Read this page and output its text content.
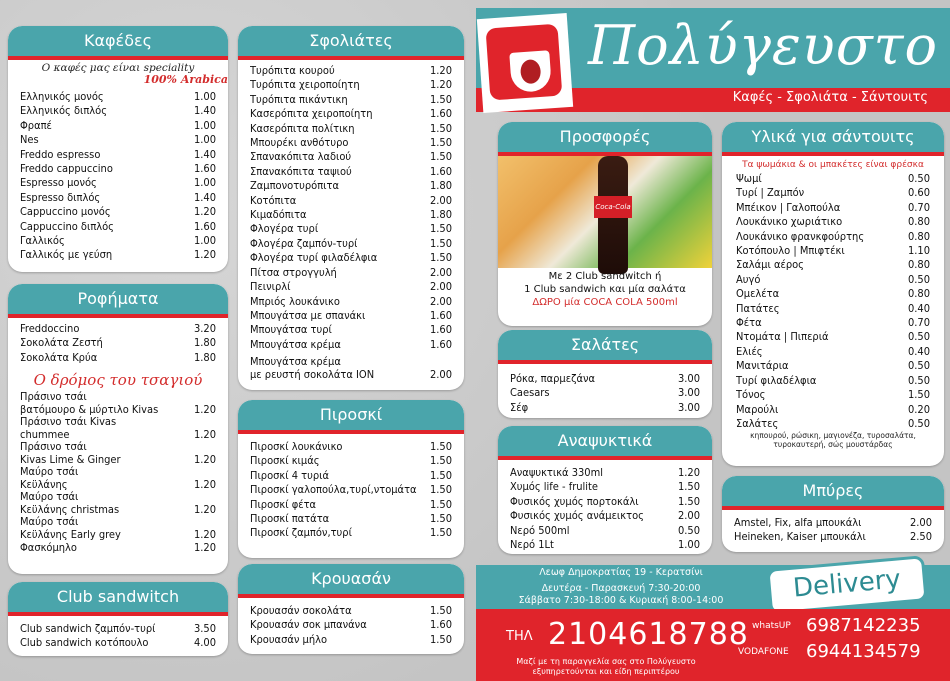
Καφέδες
Ο καφές μας είναι speciality
100% Arabica
Ελληνικός μονός	1.00
Ελληνικός διπλός	1.40
Φραπέ	1.00
Nes	1.00
Freddo espresso	1.40
Freddo cappuccino	1.60
Espresso μονός	1.00
Espresso διπλός	1.40
Cappuccino μονός	1.20
Cappuccino διπλός	1.60
Γαλλικός	1.00
Γαλλικός με γεύση	1.20
Ροφήματα
Freddoccino	3.20
Σοκολάτα Ζεστή	1.80
Σοκολάτα Κρύα	1.80
Ο δρόμος του τσαγιού
Πράσινο τσάι
βατόμουρο & μύρτιλο Kivas	1.20
Πράσινο τσάι Kivas
chummee	1.20
Πράσινο τσάι
Kivas Lime & Ginger	1.20
Μαύρο τσάι
Κεϋλάνης	1.20
Μαύρο τσάι
Κεϋλάνης christmas	1.20
Μαύρο τσάι
Κεϋλάνης Early grey	1.20
Φασκόμηλο	1.20
Club sandwitch
Club sandwich ζαμπόν-τυρί	3.50
Club sandwich κοτόπουλο	4.00
Σφολιάτες
Τυρόπιτα κουρού	1.20
Τυρόπιτα χειροποίητη	1.20
Τυρόπιτα πικάντικη	1.50
Κασερόπιτα χειροποίητη	1.60
Κασερόπιτα πολίτικη	1.50
Μπουρέκι ανθότυρο	1.50
Σπανακόπιτα λαδιού	1.50
Σπανακόπιτα ταψιού	1.60
Ζαμπονοτυρόπιτα	1.80
Κοτόπιτα	2.00
Κιμαδόπιτα	1.80
Φλογέρα τυρί	1.50
Φλογέρα ζαμπόν-τυρί	1.50
Φλογέρα τυρί φιλαδέλφια	1.50
Πίτσα στρογγυλή	2.00
Πεινιρλί	2.00
Μπριός λουκάνικο	2.00
Μπουγάτσα με σπανάκι	1.60
Μπουγάτσα τυρί	1.60
Μπουγάτσα κρέμα	1.60
Μπουγάτσα κρέμα
με ρευστή σοκολάτα ΙΟΝ	2.00
Πιροσκί
Πιροσκί λουκάνικο	1.50
Πιροσκί κιμάς	1.50
Πιροσκί 4 τυριά	1.50
Πιροσκί γαλοπούλα,τυρί,ντομάτα 1.50
Πιροσκί φέτα	1.50
Πιροσκί πατάτα	1.50
Πιροσκί ζαμπόν,τυρί	1.50
Κρουασάν
Κρουασάν σοκολάτα	1.50
Κρουασάν σοκ μπανάνα	1.60
Κρουασάν μήλο	1.50
Πολύγευστο
Καφές - Σφολιάτα - Σάντουιτς
Προσφορές
Coca-Cola
Με 2 Club sandwitch ή
1 Club sandwich και μία σαλάτα
ΔΩΡΟ μία COCA COLA 500ml
Σαλάτες
Ρόκα, παρμεζάνα	3.00
Caesars	3.00
Σέφ	3.00
Αναψυκτικά
Αναψυκτικά 330ml	1.20
Χυμός life - frulite	1.50
Φυσικός χυμός πορτοκάλι	1.50
Φυσικός χυμός ανάμεικτος	2.00
Νερό 500ml	0.50
Νερό 1Lt	1.00
Υλικά για σάντουιτς
Τα ψωμάκια & οι μπακέτες είναι φρέσκα
Ψωμί	0.50
Τυρί | Ζαμπόν	0.60
Μπέικον | Γαλοπούλα	0.70
Λουκάνικο χωριάτικο	0.80
Λουκάνικο φρανκφούρτης	0.80
Κοτόπουλο | Μπιφτέκι	1.10
Σαλάμι αέρος	0.80
Αυγό	0.50
Ομελέτα	0.80
Πατάτες	0.40
Φέτα	0.70
Ντομάτα | Πιπεριά	0.50
Ελιές	0.40
Μανιτάρια	0.50
Τυρί φιλαδέλφια	0.50
Τόνος	1.50
Μαρούλι	0.20
Σαλάτες	0.50
κηπουρού, ρώσικη, μαγιονέζα, τυροσαλάτα, τυροκαυτερή, σώς μουστάρδας
Μπύρες
Amstel, Fix, alfa μπουκάλι	2.00
Heineken, Kaiser μπουκάλι	2.50
Λεωφ Δημοκρατίας 19 - Κερατσίνι
Δευτέρα - Παρασκευή 7:30-20:00
Σάββατο 7:30-18:00 & Κυριακή 8:00-14:00	Delivery
ΤΗΛ 2104618788 whatsUP 6987142235
VODAFONE 6944134579
Μαζί με τη παραγγελία σας στο Πολύγευστο
εξυπηρετούνται και είδη περιπτέρου
